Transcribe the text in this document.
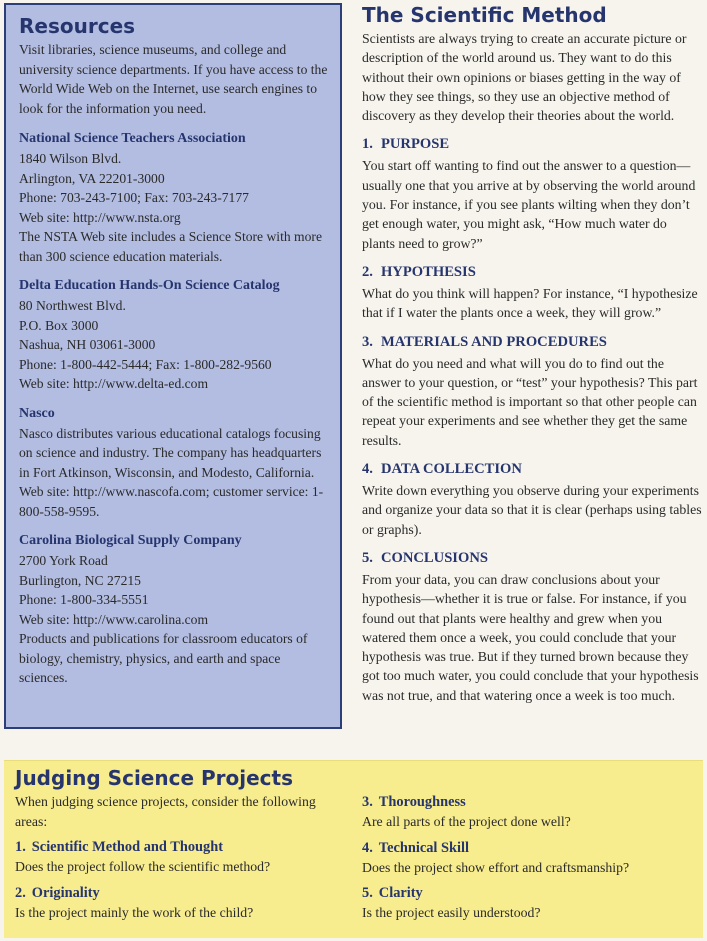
Resources

Visit libraries, science museums, and college and university science departments. If you have access to the World Wide Web on the Internet, use search engines to look for the information you need.

National Science Teachers Association

1840 Wilson Blvd.

Arlington, VA 22201-3000

Phone: 703-243-7100; Fax: 703-243-7177

Web site: http://www.nsta.org

The NSTA Web site includes a Science Store with more than 300 science education materials.

Delta Education Hands-On Science Catalog

80 Northwest Blvd.

P.O. Box 3000

Nashua, NH 03061-3000

Phone: 1-800-442-5444; Fax: 1-800-282-9560

Web site: http://www.delta-ed.com

Nasco

Nasco distributes various educational catalogs focusing on science and industry. The company has headquarters in Fort Atkinson, Wisconsin, and Modesto, California. Web site: http://www.nascofa.com; customer service: 1-800-558-9595.

Carolina Biological Supply Company

2700 York Road

Burlington, NC 27215

Phone: 1-800-334-5551

Web site: http://www.carolina.com

Products and publications for classroom educators of biology, chemistry, physics, and earth and space sciences.

The Scientific Method

Scientists are always trying to create an accurate picture or description of the world around us. They want to do this without their own opinions or biases getting in the way of how they see things, so they use an objective method of discovery as they develop their theories about the world.

1. PURPOSE

You start off wanting to find out the answer to a question—usually one that you arrive at by observing the world around you. For instance, if you see plants wilting when they don’t get enough water, you might ask, “How much water do plants need to grow?”

2. HYPOTHESIS

What do you think will happen? For instance, “I hypothesize that if I water the plants once a week, they will grow.”

3. MATERIALS AND PROCEDURES

What do you need and what will you do to find out the answer to your question, or “test” your hypothesis? This part of the scientific method is important so that other people can repeat your experiments and see whether they get the same results.

4. DATA COLLECTION

Write down everything you observe during your experiments and organize your data so that it is clear (perhaps using tables or graphs).

5. CONCLUSIONS

From your data, you can draw conclusions about your hypothesis—whether it is true or false. For instance, if you found out that plants were healthy and grew when you watered them once a week, you could conclude that your hypothesis was true. But if they turned brown because they got too much water, you could conclude that your hypothesis was not true, and that watering once a week is too much.

Judging Science Projects

When judging science projects, consider the following areas:

1. Scientific Method and Thought

Does the project follow the scientific method?

2. Originality

Is the project mainly the work of the child?

3. Thoroughness

Are all parts of the project done well?

4. Technical Skill

Does the project show effort and craftsmanship?

5. Clarity

Is the project easily understood?
